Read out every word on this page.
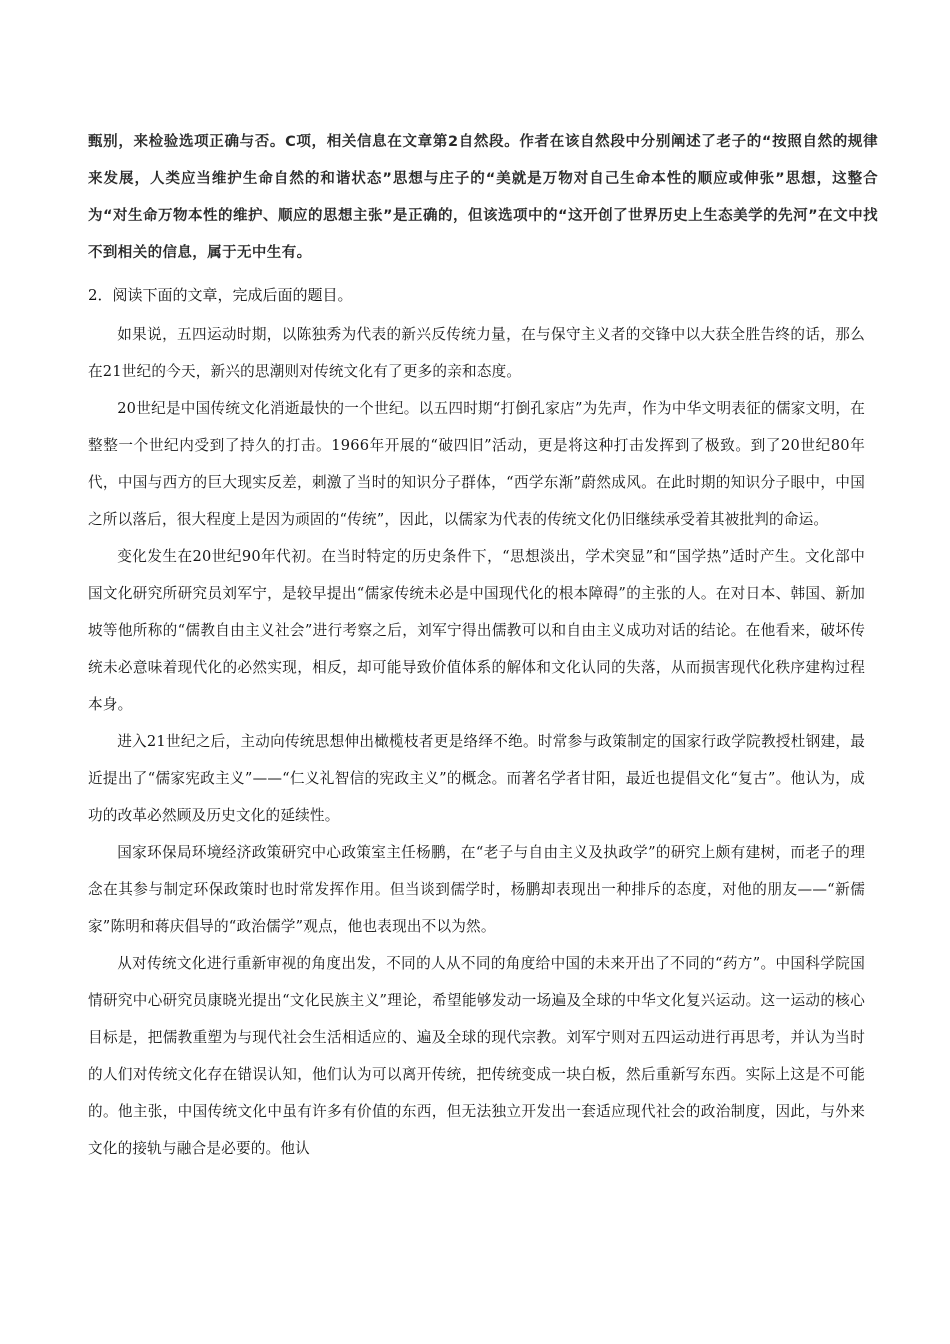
甄别，来检验选项正确与否。C项，相关信息在文章第2自然段。作者在该自然段中分别阐述了老子的“按照自然的规律来发展，人类应当维护生命自然的和谐状态”思想与庄子的“美就是万物对自己生命本性的顺应或伸张”思想，这整合为“对生命万物本性的维护、顺应的思想主张”是正确的，但该选项中的“这开创了世界历史上生态美学的先河”在文中找不到相关的信息，属于无中生有。

2．阅读下面的文章，完成后面的题目。

如果说，五四运动时期，以陈独秀为代表的新兴反传统力量，在与保守主义者的交锋中以大获全胜告终的话，那么在21世纪的今天，新兴的思潮则对传统文化有了更多的亲和态度。

20世纪是中国传统文化消逝最快的一个世纪。以五四时期“打倒孔家店”为先声，作为中华文明表征的儒家文明，在整整一个世纪内受到了持久的打击。1966年开展的“破四旧”活动，更是将这种打击发挥到了极致。到了20世纪80年代，中国与西方的巨大现实反差，刺激了当时的知识分子群体，“西学东渐”蔚然成风。在此时期的知识分子眼中，中国之所以落后，很大程度上是因为顽固的“传统”，因此，以儒家为代表的传统文化仍旧继续承受着其被批判的命运。

变化发生在20世纪90年代初。在当时特定的历史条件下，“思想淡出，学术突显”和“国学热”适时产生。文化部中国文化研究所研究员刘军宁，是较早提出“儒家传统未必是中国现代化的根本障碍”的主张的人。在对日本、韩国、新加坡等他所称的“儒教自由主义社会”进行考察之后，刘军宁得出儒教可以和自由主义成功对话的结论。在他看来，破坏传统未必意味着现代化的必然实现，相反，却可能导致价值体系的解体和文化认同的失落，从而损害现代化秩序建构过程本身。

进入21世纪之后，主动向传统思想伸出橄榄枝者更是络绎不绝。时常参与政策制定的国家行政学院教授杜钢建，最近提出了“儒家宪政主义”——“仁义礼智信的宪政主义”的概念。而著名学者甘阳，最近也提倡文化“复古”。他认为，成功的改革必然顾及历史文化的延续性。

国家环保局环境经济政策研究中心政策室主任杨鹏，在“老子与自由主义及执政学”的研究上颇有建树，而老子的理念在其参与制定环保政策时也时常发挥作用。但当谈到儒学时，杨鹏却表现出一种排斥的态度，对他的朋友——“新儒家”陈明和蒋庆倡导的“政治儒学”观点，他也表现出不以为然。

从对传统文化进行重新审视的角度出发，不同的人从不同的角度给中国的未来开出了不同的“药方”。中国科学院国情研究中心研究员康晓光提出“文化民族主义”理论，希望能够发动一场遍及全球的中华文化复兴运动。这一运动的核心目标是，把儒教重塑为与现代社会生活相适应的、遍及全球的现代宗教。刘军宁则对五四运动进行再思考，并认为当时的人们对传统文化存在错误认知，他们认为可以离开传统，把传统变成一块白板，然后重新写东西。实际上这是不可能的。他主张，中国传统文化中虽有许多有价值的东西，但无法独立开发出一套适应现代社会的政治制度，因此，与外来文化的接轨与融合是必要的。他认
